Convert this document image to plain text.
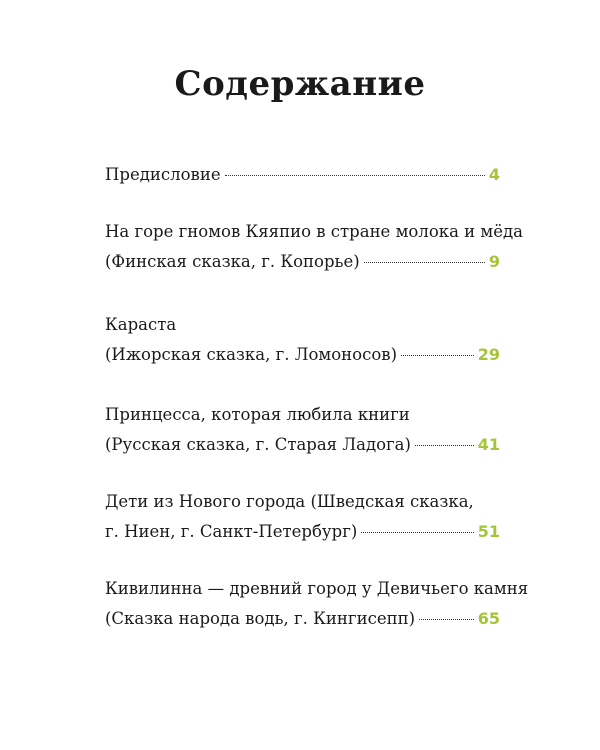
Содержание
Предисловие	4
На горе гномов Кяяпио в стране молока и мёда
(Финская сказка, г. Копорье)	9
Караста
(Ижорская сказка, г. Ломоносов)	29
Принцесса, которая любила книги
(Русская сказка, г. Старая Ладога)	41
Дети из Нового города (Шведская сказка,
г. Ниен, г. Санкт-Петербург)	51
Кивилинна — древний город у Девичьего камня
(Сказка народа водь, г. Кингисепп)	65
